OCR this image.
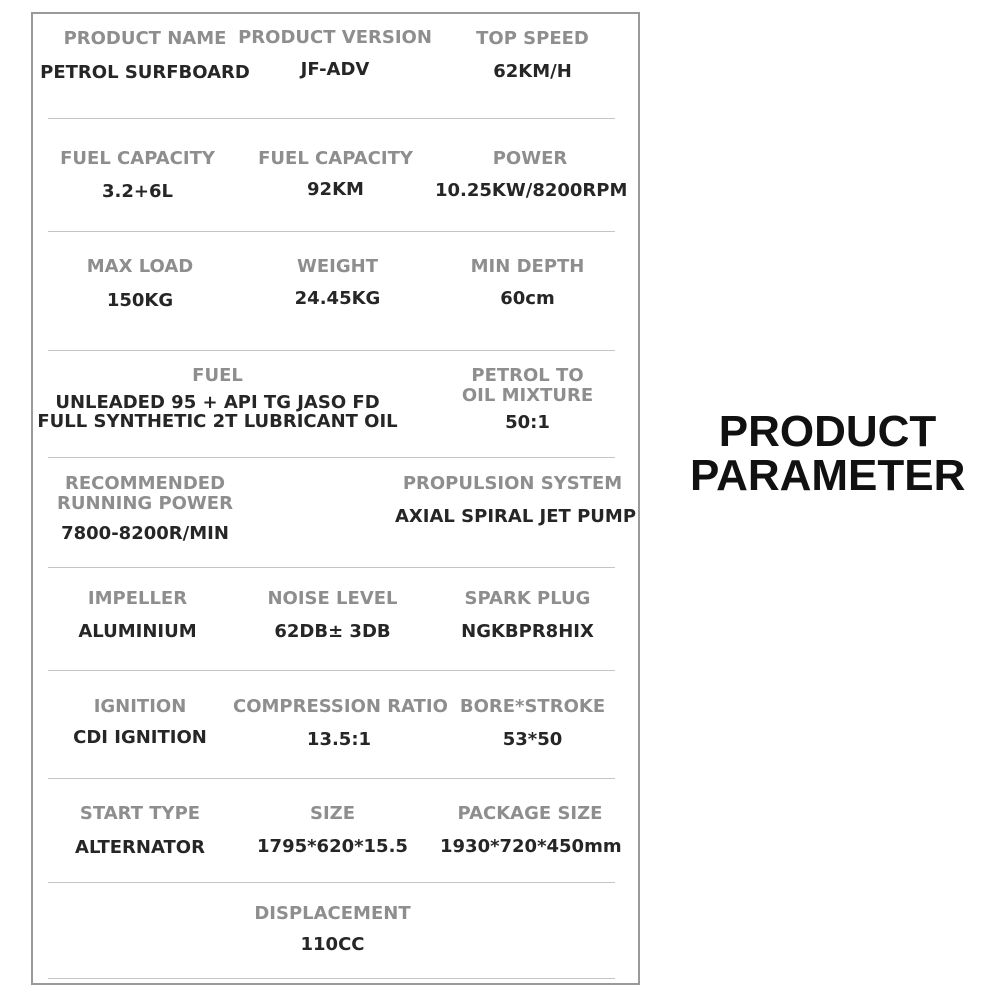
PRODUCT NAME
PETROL SURFBOARD
PRODUCT VERSION
JF-ADV
TOP SPEED
62KM/H
FUEL CAPACITY
3.2+6L
FUEL CAPACITY
92KM
POWER
10.25KW/8200RPM
MAX LOAD
150KG
WEIGHT
24.45KG
MIN DEPTH
60cm
FUEL
UNLEADED 95 + API TG JASO FD
FULL SYNTHETIC 2T LUBRICANT OIL
PETROL TO
OIL MIXTURE
50:1
RECOMMENDED
RUNNING POWER
7800-8200R/MIN
PROPULSION SYSTEM
AXIAL SPIRAL JET PUMP
IMPELLER
ALUMINIUM
NOISE LEVEL
62DB± 3DB
SPARK PLUG
NGKBPR8HIX
IGNITION
CDI IGNITION
COMPRESSION RATIO
13.5:1
BORE*STROKE
53*50
START TYPE
ALTERNATOR
SIZE
1795*620*15.5
PACKAGE SIZE
1930*720*450mm
DISPLACEMENT
110CC
PRODUCT
PARAMETER
